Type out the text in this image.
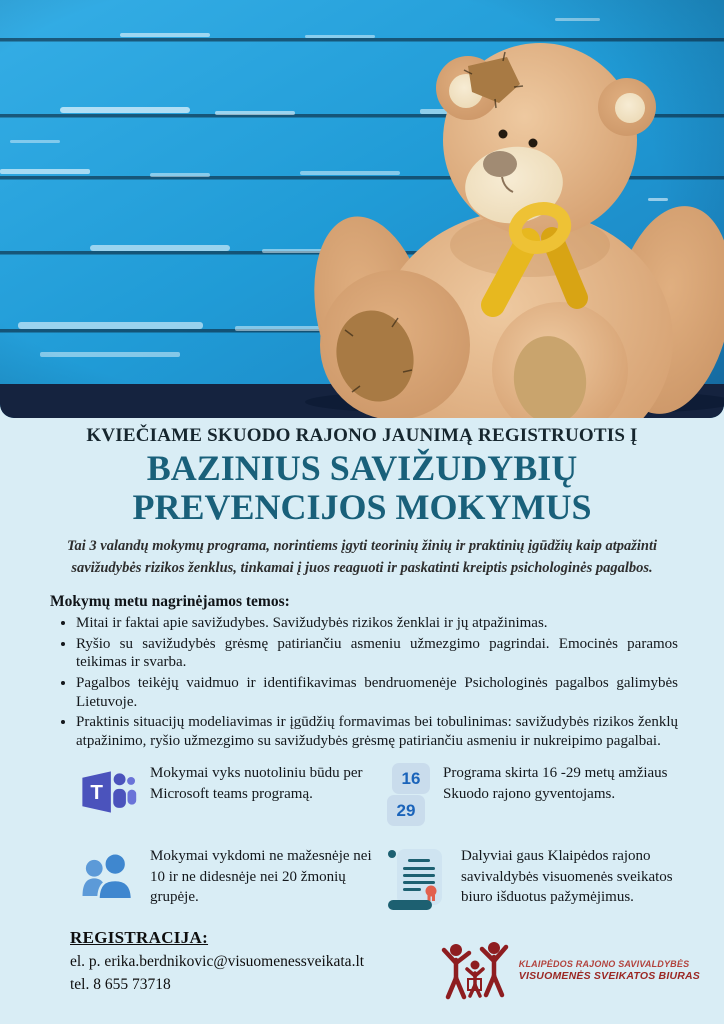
KVIEČIAME SKUODO RAJONO JAUNIMĄ REGISTRUOTIS Į
BAZINIUS SAVIŽUDYBIŲ
PREVENCIJOS MOKYMUS
Tai 3 valandų mokymų programa, norintiems įgyti teorinių žinių ir praktinių įgūdžių kaip atpažinti savižudybės rizikos ženklus, tinkamai į juos reaguoti ir paskatinti kreiptis psichologinės pagalbos.
Mokymų metu nagrinėjamos temos:
• Mitai ir faktai apie savižudybes. Savižudybės rizikos ženklai ir jų atpažinimas.
• Ryšio su savižudybės grėsmę patiriančiu asmeniu užmezgimo pagrindai. Emocinės paramos teikimas ir svarba.
• Pagalbos teikėjų vaidmuo ir identifikavimas bendruomenėje Psichologinės pagalbos galimybės Lietuvoje.
• Praktinis situacijų modeliavimas ir įgūdžių formavimas bei tobulinimas: savižudybės rizikos ženklų atpažinimo, ryšio užmezgimo su savižudybės grėsmę patiriančiu asmeniu ir nukreipimo pagalbai.
T
Mokymai vyks nuotoliniu būdu per Microsoft teams programą.
16
29
Programa skirta 16 -29 metų amžiaus Skuodo rajono gyventojams.
Mokymai vykdomi ne mažesnėje nei 10 ir ne didesnėje nei 20 žmonių grupėje.
Dalyviai gaus Klaipėdos rajono savivaldybės visuomenės sveikatos biuro išduotus pažymėjimus.
REGISTRACIJA:
el. p. erika.berdnikovic@visuomenessveikata.lt
tel. 8 655 73718
KLAIPĖDOS RAJONO SAVIVALDYBĖS
VISUOMENĖS SVEIKATOS BIURAS
